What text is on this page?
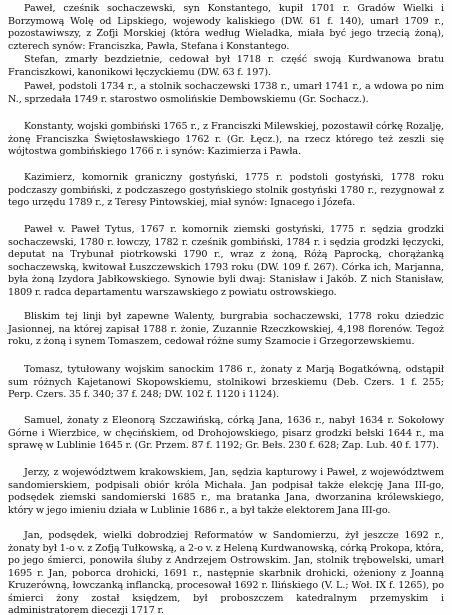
Paweł, cześnik sochaczewski, syn Konstantego, kupił 1701 r. Gradów Wielki i Borzymową Wolę od Lipskiego, wojewody kaliskiego (DW. 61 f. 140), umarł 1709 r., pozostawiwszy, z Zofji Morskiej (która według Wieladka, miała być jego trzecią żoną), czterech synów: Franciszka, Pawła, Stefana i Konstantego.

Stefan, zmarły bezdzietnie, cedował był 1718 r. część swoją Kurdwanowa bratu Franciszkowi, kanonikowi łęczyckiemu (DW. 63 f. 197).

Paweł, podstoli 1734 r., a stolnik sochaczewski 1738 r., umarł 1741 r., a wdowa po nim N., sprzedała 1749 r. starostwo osmolińskie Dembowskiemu (Gr. Sochacz.).

Konstanty, wojski gombiński 1765 r., z Franciszki Milewskiej, pozostawił córkę Rozalję, żonę Franciszka Świętosławskiego 1762 r. (Gr. Łęcz.), na rzecz którego też zeszli się wójtostwa gombińskiego 1766 r. i synów: Kazimierza i Pawła.

Kazimierz, komornik graniczny gostyński, 1775 r. podstoli gostyński, 1778 roku podczaszy gombiński, z podczaszego gostyńskiego stolnik gostyński 1780 r., rezygnował z tego urzędu 1789 r., z Teresy Pintowskiej, miał synów: Ignacego i Józefa.

Paweł v. Paweł Tytus, 1767 r. komornik ziemski gostyński, 1775 r. sędzia grodzki sochaczewski, 1780 r. łowczy, 1782 r. cześnik gombiński, 1784 r. i sędzia grodzki łęczycki, deputat na Trybunał piotrkowski 1790 r., wraz z żoną, Różą Paprocką, chorążanką sochaczewską, kwitował Łuszczewskich 1793 roku (DW. 109 f. 267). Córka ich, Marjanna, była żoną Izydora Jabłkowskiego. Synowie byli dwaj: Stanisław i Jakób. Z nich Stanisław, 1809 r. radca departamentu warszawskiego z powiatu ostrowskiego.

Bliskim tej linji był zapewne Walenty, burgrabia sochaczewski, 1778 roku dziedzic Jasionnej, na której zapisał 1788 r. żonie, Zuzannie Rzeczkowskiej, 4,198 florenów. Tegoż roku, z żoną i synem Tomaszem, cedował różne sumy Szamocie i Grzegorzewskiemu.

Tomasz, tytułowany wojskim sanockim 1786 r., żonaty z Marją Bogatkówną, odstąpił sum różnych Kajetanowi Skopowskiemu, stolnikowi brzeskiemu (Deb. Czers. 1 f. 255; Perp. Czers. 35 f. 340; 37 f. 248; DW. 102 f. 1120 i 1124).

Samuel, żonaty z Eleonorą Szczawińską, córką Jana, 1636 r., nabył 1634 r. Sokołowy Górne i Wierzbice, w chęcińskiem, od Drohojowskiego, pisarz grodzki bełski 1644 r., ma sprawę w Lublinie 1645 r. (Gr. Przem. 87 f. 1192; Gr. Bełs. 230 f. 628; Zap. Lub. 40 f. 177).

Jerzy, z województwem krakowskiem, Jan, sędzia kapturowy i Paweł, z województwem sandomierskiem, podpisali obiór króla Michała. Jan podpisał także elekcję Jana III-go, podsędek ziemski sandomierski 1685 r., ma bratanka Jana, dworzanina królewskiego, który w jego imieniu działa w Lublinie 1686 r., a był także elektorem Jana III-go.

Jan, podsędek, wielki dobrodziej Reformatów w Sandomierzu, żył jeszcze 1692 r., żonaty był 1-o v. z Zofją Tułkowską, a 2-o v. z Heleną Kurdwanowską, córką Prokopa, która, po jego śmierci, ponowiła śluby z Andrzejem Ostrowskim. Jan, stolnik trębowelski, umarł 1695 r. Jan, poborca drohicki, 1691 r., następnie skarbnik drohicki, ożeniony z Joanną Kruzerówną, łowczanką inflancką, procesował 1692 r. Ilińskiego (V. L.; Woł. IX f. 1265), po śmierci żony został księdzem, był proboszczem katedralnym przemyskim i administratorem diecezji 1717 r.
